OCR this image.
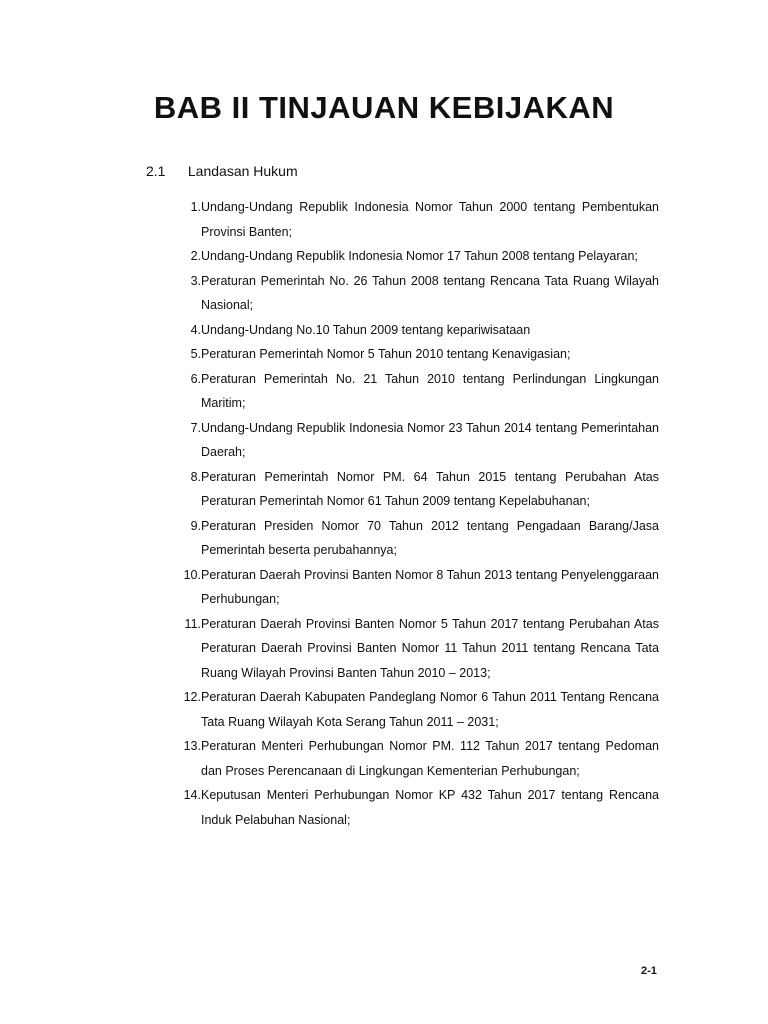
BAB II TINJAUAN KEBIJAKAN
2.1 Landasan Hukum
1. Undang-Undang Republik Indonesia Nomor Tahun 2000 tentang Pembentukan Provinsi Banten;
2. Undang-Undang Republik Indonesia Nomor 17 Tahun 2008 tentang Pelayaran;
3. Peraturan Pemerintah No. 26 Tahun 2008 tentang Rencana Tata Ruang Wilayah Nasional;
4. Undang-Undang No.10 Tahun 2009 tentang kepariwisataan
5. Peraturan Pemerintah Nomor 5 Tahun 2010 tentang Kenavigasian;
6. Peraturan Pemerintah No. 21 Tahun 2010 tentang Perlindungan Lingkungan Maritim;
7. Undang-Undang Republik Indonesia Nomor 23 Tahun 2014 tentang Pemerintahan Daerah;
8. Peraturan Pemerintah Nomor PM. 64 Tahun 2015 tentang Perubahan Atas Peraturan Pemerintah Nomor 61 Tahun 2009 tentang Kepelabuhanan;
9. Peraturan Presiden Nomor 70 Tahun 2012 tentang Pengadaan Barang/Jasa Pemerintah beserta perubahannya;
10. Peraturan Daerah Provinsi Banten Nomor 8 Tahun 2013 tentang Penyelenggaraan Perhubungan;
11. Peraturan Daerah Provinsi Banten Nomor 5 Tahun 2017 tentang Perubahan Atas Peraturan Daerah Provinsi Banten Nomor 11 Tahun 2011 tentang Rencana Tata Ruang Wilayah Provinsi Banten Tahun 2010 – 2013;
12. Peraturan Daerah Kabupaten Pandeglang Nomor 6 Tahun 2011 Tentang Rencana Tata Ruang Wilayah Kota Serang Tahun 2011 – 2031;
13. Peraturan Menteri Perhubungan Nomor PM. 112 Tahun 2017 tentang Pedoman dan Proses Perencanaan di Lingkungan Kementerian Perhubungan;
14. Keputusan Menteri Perhubungan Nomor KP 432 Tahun 2017 tentang Rencana Induk Pelabuhan Nasional;
2-1
